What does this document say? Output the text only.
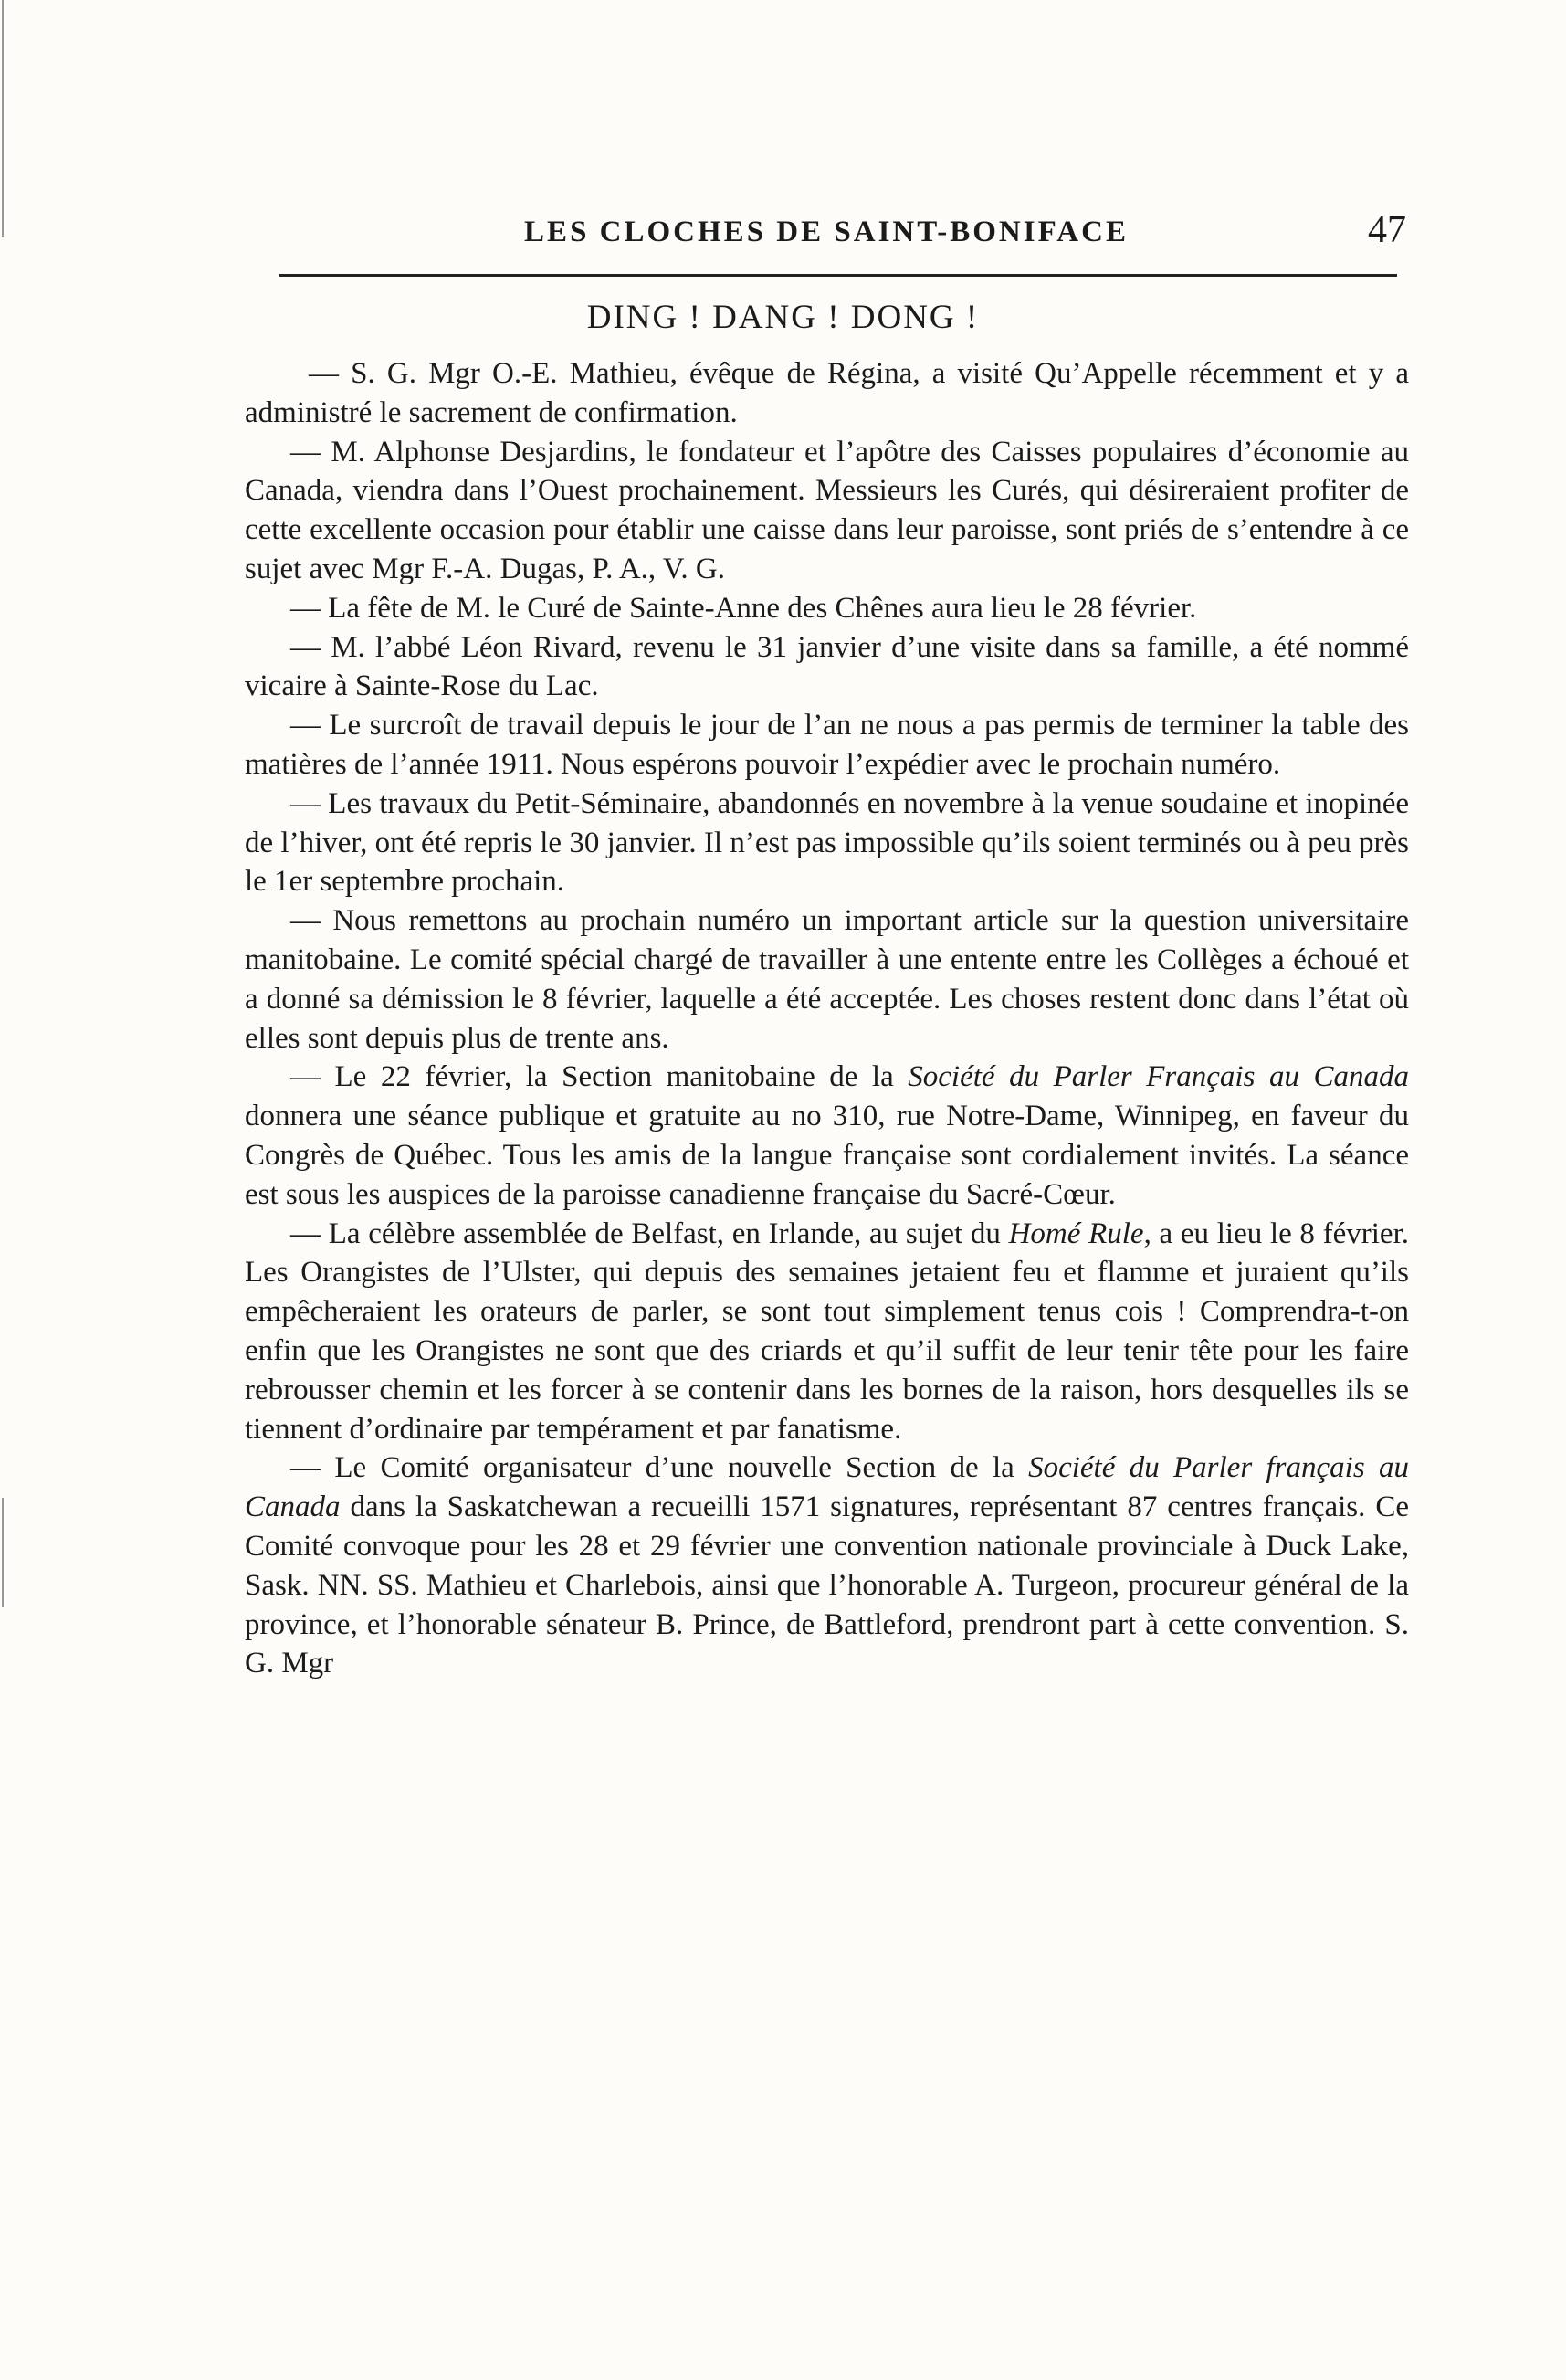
LES CLOCHES DE SAINT-BONIFACE	47
DING ! DANG ! DONG !

— S. G. Mgr O.-E. Mathieu, évêque de Régina, a visité Qu’Appelle récemment et y a administré le sacrement de confirmation.

— M. Alphonse Desjardins, le fondateur et l’apôtre des Caisses populaires d’économie au Canada, viendra dans l’Ouest prochainement. Messieurs les Curés, qui désireraient profiter de cette excellente occasion pour établir une caisse dans leur paroisse, sont priés de s’entendre à ce sujet avec Mgr F.-A. Dugas, P. A., V. G.

— La fête de M. le Curé de Sainte-Anne des Chênes aura lieu le 28 février.

— M. l’abbé Léon Rivard, revenu le 31 janvier d’une visite dans sa famille, a été nommé vicaire à Sainte-Rose du Lac.

— Le surcroît de travail depuis le jour de l’an ne nous a pas permis de terminer la table des matières de l’année 1911. Nous espérons pouvoir l’expédier avec le prochain numéro.

— Les travaux du Petit-Séminaire, abandonnés en novembre à la venue soudaine et inopinée de l’hiver, ont été repris le 30 janvier. Il n’est pas impossible qu’ils soient terminés ou à peu près le 1er septembre prochain.

— Nous remettons au prochain numéro un important article sur la question universitaire manitobaine. Le comité spécial chargé de travailler à une entente entre les Collèges a échoué et a donné sa démission le 8 février, laquelle a été acceptée. Les choses restent donc dans l’état où elles sont depuis plus de trente ans.

— Le 22 février, la Section manitobaine de la Société du Parler Français au Canada donnera une séance publique et gratuite au no 310, rue Notre-Dame, Winnipeg, en faveur du Congrès de Québec. Tous les amis de la langue française sont cordialement invités. La séance est sous les auspices de la paroisse canadienne française du Sacré-Cœur.

— La célèbre assemblée de Belfast, en Irlande, au sujet du Homé Rule, a eu lieu le 8 février. Les Orangistes de l’Ulster, qui depuis des semaines jetaient feu et flamme et juraient qu’ils empêcheraient les orateurs de parler, se sont tout simplement tenus cois ! Comprendra-t-on enfin que les Orangistes ne sont que des criards et qu’il suffit de leur tenir tête pour les faire rebrousser chemin et les forcer à se contenir dans les bornes de la raison, hors desquelles ils se tiennent d’ordinaire par tempérament et par fanatisme.

— Le Comité organisateur d’une nouvelle Section de la Société du Parler français au Canada dans la Saskatchewan a recueilli 1571 signatures, représentant 87 centres français. Ce Comité convoque pour les 28 et 29 février une convention nationale provinciale à Duck Lake, Sask. NN. SS. Mathieu et Charlebois, ainsi que l’honorable A. Turgeon, procureur général de la province, et l’honorable sénateur B. Prince, de Battleford, prendront part à cette convention. S. G. Mgr
